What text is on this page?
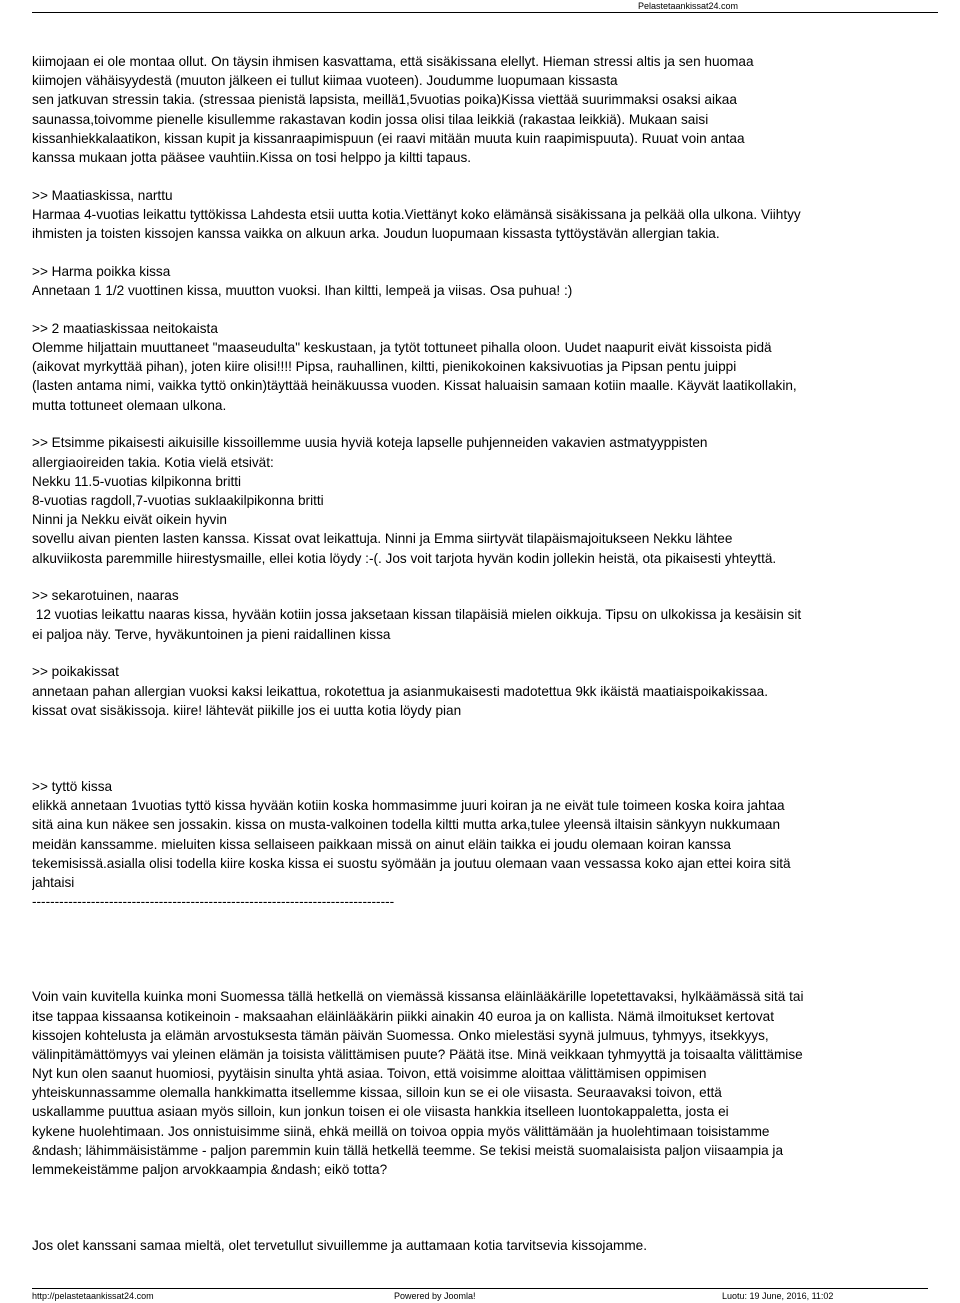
Pelastetaankissat24.com
kiimojaan ei ole montaa ollut. On täysin ihmisen kasvattama, että sisäkissana elellyt. Hieman stressi altis ja sen huomaa
kiimojen vähäisyydestä (muuton jälkeen ei tullut kiimaa vuoteen). Joudumme luopumaan kissasta
sen jatkuvan stressin takia. (stressaa pienistä lapsista, meillä1,5vuotias poika)Kissa viettää suurimmaksi osaksi aikaa
saunassa,toivomme pienelle kisullemme rakastavan kodin jossa olisi tilaa leikkiä (rakastaa leikkiä). Mukaan saisi
kissanhiekkalaatikon, kissan kupit ja kissanraapimispuun (ei raavi mitään muuta kuin raapimispuuta). Ruuat voin antaa
kanssa mukaan jotta pääsee vauhtiin.Kissa on tosi helppo ja kiltti tapaus.
>> Maatiaskissa, narttu
Harmaa 4-vuotias leikattu tyttökissa Lahdesta etsii uutta kotia.Viettänyt koko elämänsä sisäkissana ja pelkää olla ulkona. Viihtyy
ihmisten ja toisten kissojen kanssa vaikka on alkuun arka. Joudun luopumaan kissasta tyttöystävän allergian takia.
>> Harma poikka kissa
Annetaan 1 1/2 vuottinen kissa, muutton vuoksi. Ihan kiltti, lempeä ja viisas. Osa puhua! :)
>> 2 maatiaskissaa neitokaista
Olemme hiljattain muuttaneet "maaseudulta" keskustaan, ja tytöt tottuneet pihalla oloon. Uudet naapurit eivät kissoista pidä
(aikovat myrkyttää pihan), joten kiire olisi!!!! Pipsa, rauhallinen, kiltti, pienikokoinen kaksivuotias ja Pipsan pentu juippi
(lasten antama nimi, vaikka tyttö onkin)täyttää heinäkuussa vuoden. Kissat haluaisin samaan kotiin maalle. Käyvät laatikollakin,
mutta tottuneet olemaan ulkona.
>> Etsimme pikaisesti aikuisille kissoillemme uusia hyviä koteja lapselle puhjenneiden vakavien astmatyyppisten
allergiaoireiden takia. Kotia vielä etsivät:
Nekku 11.5-vuotias kilpikonna britti
8-vuotias ragdoll,7-vuotias suklaakilpikonna britti
Ninni ja Nekku eivät oikein hyvin
sovellu aivan pienten lasten kanssa. Kissat ovat leikattuja. Ninni ja Emma siirtyvät tilapäismajoitukseen Nekku lähtee
alkuviikosta paremmille hiirestysmaille, ellei kotia löydy :-(. Jos voit tarjota hyvän kodin jollekin heistä, ota pikaisesti yhteyttä.
>> sekarotuinen, naaras
12 vuotias leikattu naaras kissa, hyvään kotiin jossa jaksetaan kissan tilapäisiä mielen oikkuja. Tipsu on ulkokissa ja kesäisin sit
ei paljoa näy. Terve, hyväkuntoinen ja pieni raidallinen kissa
>> poikakissat
annetaan pahan allergian vuoksi kaksi leikattua, rokotettua ja asianmukaisesti madotettua 9kk ikäistä maatiaispoikakissaa.
kissat ovat sisäkissoja. kiire! lähtevät piikille jos ei uutta kotia löydy pian
>> tyttö kissa
elikkä annetaan 1vuotias tyttö kissa hyvään kotiin koska hommasimme juuri koiran ja ne eivät tule toimeen koska koira jahtaa
sitä aina kun näkee sen jossakin. kissa on musta-valkoinen todella kiltti mutta arka,tulee yleensä iltaisin sänkyyn nukkumaan
meidän kanssamme. mieluiten kissa sellaiseen paikkaan missä on ainut eläin taikka ei joudu olemaan koiran kanssa
tekemisissä.asialla olisi todella kiire koska kissa ei suostu syömään ja joutuu olemaan vaan vessassa koko ajan ettei koira sitä
jahtaisi
--------------------------------------------------------------------------------
Voin vain kuvitella kuinka moni Suomessa tällä hetkellä on viemässä kissansa eläinlääkärille lopetettavaksi, hylkäämässä sitä tai
itse tappaa kissaansa kotikeinoin - maksaahan eläinlääkärin piikki ainakin 40 euroa ja on kallista. Nämä ilmoitukset kertovat
kissojen kohtelusta ja elämän arvostuksesta tämän päivän Suomessa. Onko mielestäsi syynä julmuus, tyhmyys, itsekkyys,
välinpitämättömyys vai yleinen elämän ja toisista välittämisen puute? Päätä itse. Minä veikkaan tyhmyyttä ja toisaalta välittämise
Nyt kun olen saanut huomiosi, pyytäisin sinulta yhtä asiaa. Toivon, että voisimme aloittaa välittämisen oppimisen
yhteiskunnassamme olemalla hankkimatta itsellemme kissaa, silloin kun se ei ole viisasta. Seuraavaksi toivon, että
uskallamme puuttua asiaan myös silloin, kun jonkun toisen ei ole viisasta hankkia itselleen luontokappaletta, josta ei
kykene huolehtimaan. Jos onnistuisimme siinä, ehkä meillä on toivoa oppia myös välittämään ja huolehtimaan toisistamme
&ndash; lähimmäisistämme - paljon paremmin kuin tällä hetkellä teemme. Se tekisi meistä suomalaisista paljon viisaampia ja
lemmekeistämme paljon arvokkaampia &ndash; eikö totta?
Jos olet kanssani samaa mieltä, olet tervetullut sivuillemme ja auttamaan kotia tarvitsevia kissojamme.
http://pelastetaankissat24.com	Powered by Joomla!	Luotu: 19 June, 2016, 11:02
